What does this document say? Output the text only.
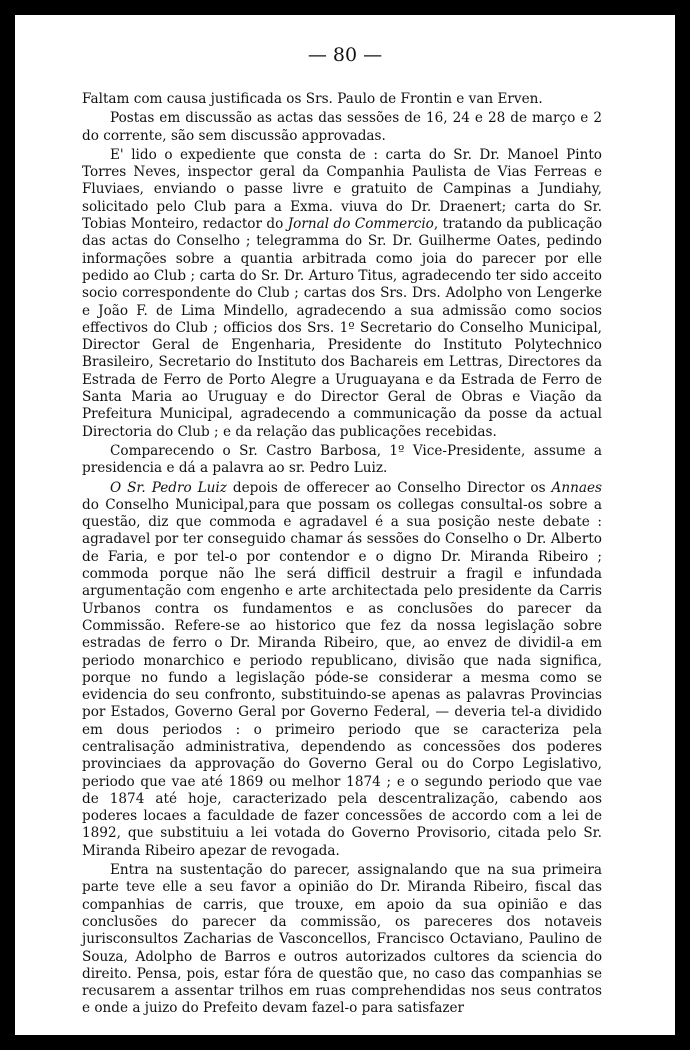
— 80 —

Faltam com causa justificada os Srs. Paulo de Frontin e van Erven.

Postas em discussão as actas das sessões de 16, 24 e 28 de março e 2 do corrente, são sem discussão approvadas.

E' lido o expediente que consta de : carta do Sr. Dr. Manoel Pinto Torres Neves, inspector geral da Companhia Paulista de Vias Ferreas e Fluviaes, enviando o passe livre e gratuito de Campinas a Jundiahy, solicitado pelo Club para a Exma. viuva do Dr. Draenert; carta do Sr. Tobias Monteiro, redactor do Jornal do Commercio, tratando da publicação das actas do Conselho ; telegramma do Sr. Dr. Guilherme Oates, pedindo informações sobre a quantia arbitrada como joia do parecer por elle pedido ao Club ; carta do Sr. Dr. Arturo Titus, agradecendo ter sido acceito socio correspondente do Club ; cartas dos Srs. Drs. Adolpho von Lengerke e João F. de Lima Mindello, agradecendo a sua admissão como socios effectivos do Club ; officios dos Srs. 1º Secretario do Conselho Municipal, Director Geral de Engenharia, Presidente do Instituto Polytechnico Brasileiro, Secretario do Instituto dos Bachareis em Lettras, Directores da Estrada de Ferro de Porto Alegre a Uruguayana e da Estrada de Ferro de Santa Maria ao Uruguay e do Director Geral de Obras e Viação da Prefeitura Municipal, agradecendo a communicação da posse da actual Directoria do Club ; e da relação das publicações recebidas.

Comparecendo o Sr. Castro Barbosa, 1º Vice-Presidente, assume a presidencia e dá a palavra ao sr. Pedro Luiz.

O Sr. Pedro Luiz depois de offerecer ao Conselho Director os Annaes do Conselho Municipal,para que possam os collegas consultal-os sobre a questão, diz que commoda e agradavel é a sua posição neste debate : agradavel por ter conseguido chamar ás sessões do Conselho o Dr. Alberto de Faria, e por tel-o por contendor e o digno Dr. Miranda Ribeiro ; commoda porque não lhe será difficil destruir a fragil e infundada argumentação com engenho e arte architectada pelo presidente da Carris Urbanos contra os fundamentos e as conclusões do parecer da Commissão. Refere-se ao historico que fez da nossa legislação sobre estradas de ferro o Dr. Miranda Ribeiro, que, ao envez de dividil-a em periodo monarchico e periodo republicano, divisão que nada significa, porque no fundo a legislação póde-se considerar a mesma como se evidencia do seu confronto, substituindo-se apenas as palavras Provincias por Estados, Governo Geral por Governo Federal, — deveria tel-a dividido em dous periodos : o primeiro periodo que se caracteriza pela centralisação administrativa, dependendo as concessões dos poderes provinciaes da approvação do Governo Geral ou do Corpo Legislativo, periodo que vae até 1869 ou melhor 1874 ; e o segundo periodo que vae de 1874 até hoje, caracterizado pela descentralização, cabendo aos poderes locaes a faculdade de fazer concessões de accordo com a lei de 1892, que substituiu a lei votada do Governo Provisorio, citada pelo Sr. Miranda Ribeiro apezar de revogada.

Entra na sustentação do parecer, assignalando que na sua primeira parte teve elle a seu favor a opinião do Dr. Miranda Ribeiro, fiscal das companhias de carris, que trouxe, em apoio da sua opinião e das conclusões do parecer da commissão, os pareceres dos notaveis jurisconsultos Zacharias de Vasconcellos, Francisco Octaviano, Paulino de Souza, Adolpho de Barros e outros autorizados cultores da sciencia do direito. Pensa, pois, estar fóra de questão que, no caso das companhias se recusarem a assentar trilhos em ruas comprehendidas nos seus contratos e onde a juizo do Prefeito devam fazel-o para satisfazer
